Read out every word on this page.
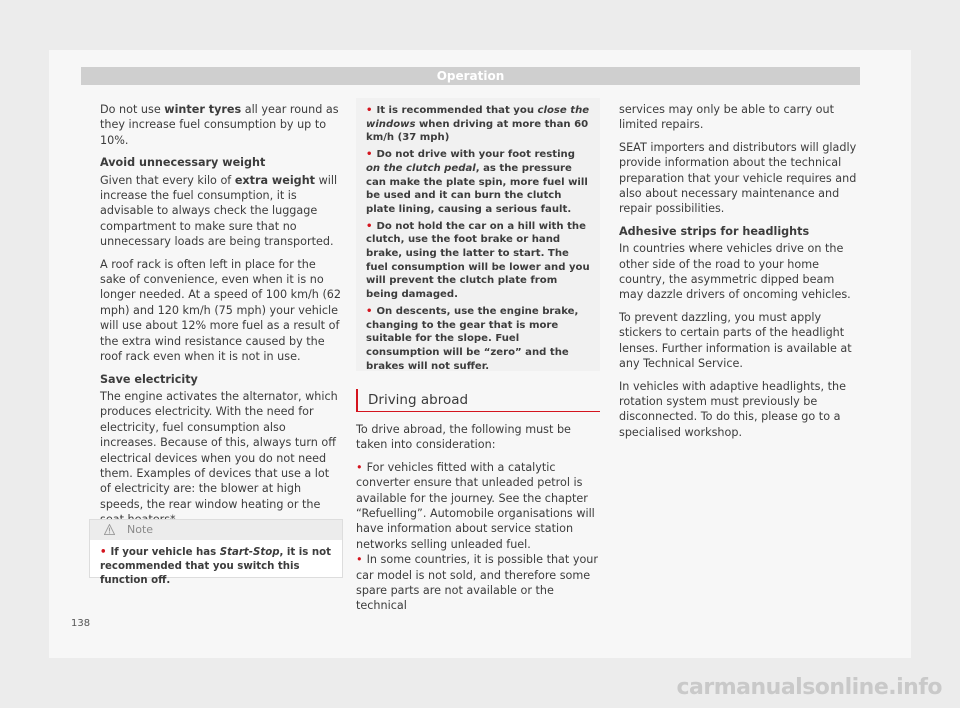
Operation

Do not use winter tyres all year round as they increase fuel consumption by up to 10%.

Avoid unnecessary weight

Given that every kilo of extra weight will increase the fuel consumption, it is advisable to always check the luggage compartment to make sure that no unnecessary loads are being transported.

A roof rack is often left in place for the sake of convenience, even when it is no longer needed. At a speed of 100 km/h (62 mph) and 120 km/h (75 mph) your vehicle will use about 12% more fuel as a result of the extra wind resistance caused by the roof rack even when it is not in use.

Save electricity

The engine activates the alternator, which produces electricity. With the need for electricity, fuel consumption also increases. Because of this, always turn off electrical devices when you do not need them. Examples of devices that use a lot of electricity are: the blower at high speeds, the rear window heating or the

Note
• If your vehicle has Start-Stop, it is not recommended that you switch this function off.
• It is recommended that you close the windows when driving at more than 60 km/h (37 mph)
• Do not drive with your foot resting on the clutch pedal, as the pressure can make the plate spin, more fuel will be used and it can burn the clutch plate lining, causing a serious fault.
• Do not hold the car on a hill with the clutch, use the foot brake or hand brake, using the latter to start. The fuel consumption will be lower and you will prevent the clutch plate from being damaged.
• On descents, use the engine brake, changing to the gear that is more suitable for the slope. Fuel consumption will be “zero” and the brakes will not suffer.
Driving abroad

To drive abroad, the following must be taken into consideration:

• For vehicles fitted with a catalytic converter ensure that unleaded petrol is available for the journey. See the chapter “Refuelling”. Automobile organisations will have information about service station networks selling unleaded fuel.
• In some countries, it is possible that your car model is not sold, and therefore some spare parts are not available or the technical

services may only be able to carry out limited repairs.

SEAT importers and distributors will gladly provide information about the technical preparation that your vehicle requires and also about necessary maintenance and repair possibilities.

Adhesive strips for headlights

In countries where vehicles drive on the other side of the road to your home country, the asymmetric dipped beam may dazzle drivers of oncoming vehicles.

To prevent dazzling, you must apply stickers to certain parts of the headlight lenses. Further information is available at any Technical Service.

In vehicles with adaptive headlights, the rotation system must previously be disconnected. To do this, please go to a specialised workshop.

138
carmanualsonline.info
